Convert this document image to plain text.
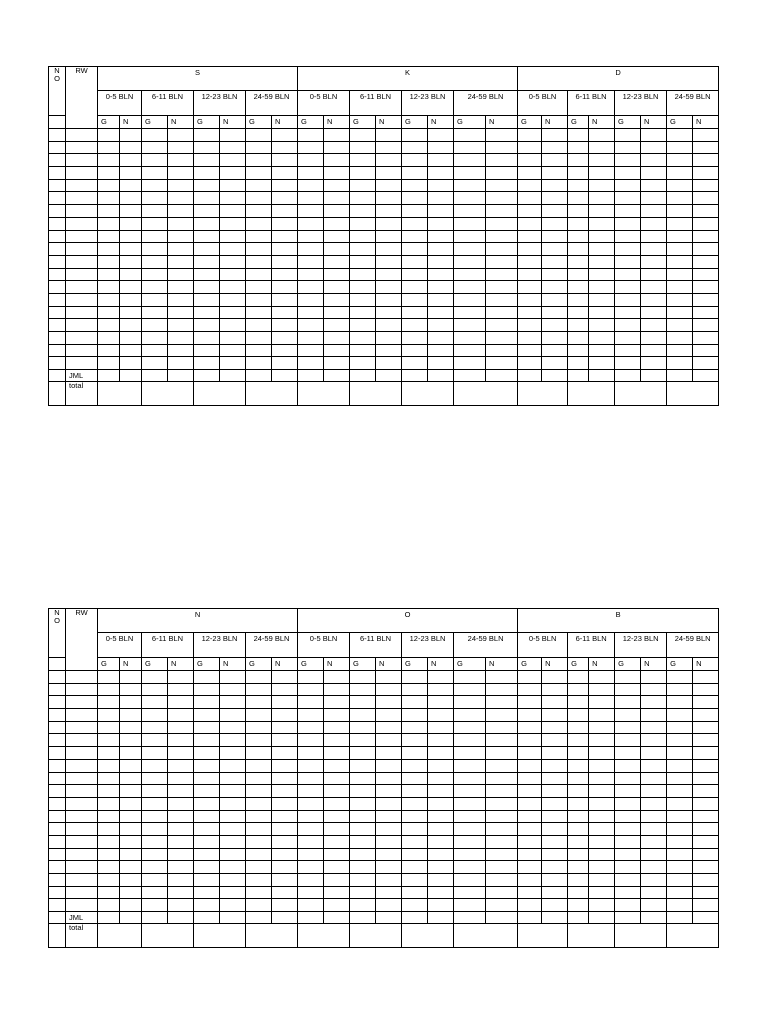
N
O	RW	S								K								D							
		0-5 BLN		6-11 BLN		12-23 BLN		24-59 BLN		0-5 BLN		6-11 BLN		12-23 BLN		24-59 BLN		0-5 BLN		6-11 BLN		12-23 BLN		24-59 BLN	
		G	N	G	N	G	N	G	N	G	N	G	N	G	N	G	N	G	N	G	N	G	N	G	N

	JML																								
	total																								
N
O	RW	N								O								B							
		0-5 BLN		6-11 BLN		12-23 BLN		24-59 BLN		0-5 BLN		6-11 BLN		12-23 BLN		24-59 BLN		0-5 BLN		6-11 BLN		12-23 BLN		24-59 BLN	
		G	N	G	N	G	N	G	N	G	N	G	N	G	N	G	N	G	N	G	N	G	N	G	N

	JML																								
	total																								
